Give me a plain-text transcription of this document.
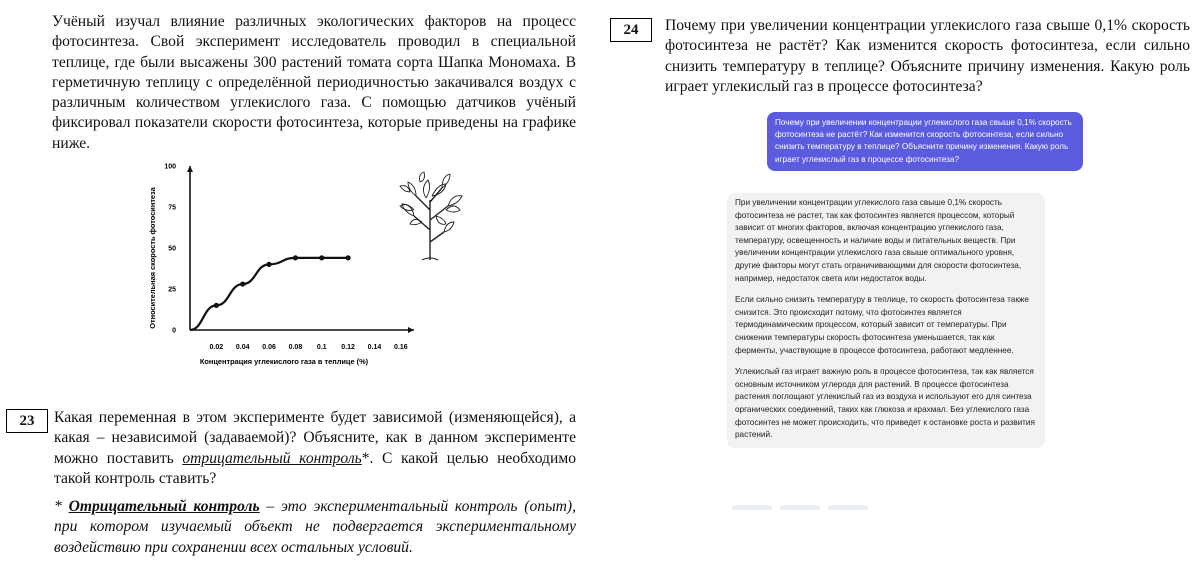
Учёный изучал влияние различных экологических факторов на процесс фотосинтеза. Свой эксперимент исследователь проводил в специальной теплице, где были высажены 300 растений томата сорта Шапка Мономаха. В герметичную теплицу с определённой периодичностью закачивался воздух с различным количеством углекислого газа. С помощью датчиков учёный фиксировал показатели скорости фотосинтеза, которые приведены на графике ниже.
0.02 0.04 0.06 0.08 0.1 0.12 0.14 0.16
0
25
50
75
100
Концентрация углекислого газа в теплице (%)
Относительная скорость фотосинтеза
23	Какая переменная в этом эксперименте будет зависимой (изменяющейся), а какая – независимой (задаваемой)? Объясните, как в данном эксперименте можно поставить отрицательный контроль*. С какой целью необходимо такой контроль ставить?
* Отрицательный контроль – это экспериментальный контроль (опыт), при котором изучаемый объект не подвергается экспериментальному воздействию при сохранении всех остальных условий.
24	Почему при увеличении концентрации углекислого газа свыше 0,1% скорость фотосинтеза не растёт? Как изменится скорость фотосинтеза, если сильно снизить температуру в теплице? Объясните причину изменения. Какую роль играет углекислый газ в процессе фотосинтеза?
Почему при увеличении концентрации углекислого газа свыше 0,1% скорость фотосинтеза не растёт? Как изменится скорость фотосинтеза, если сильно снизить температуру в теплице? Объясните причину изменения. Какую роль играет углекислый газ в процессе фотосинтеза?

При увеличении концентрации углекислого газа свыше 0,1% скорость фотосинтеза не растет, так как фотосинтез является процессом, который зависит от многих факторов, включая концентрацию углекислого газа, температуру, освещенность и наличие воды и питательных веществ. При увеличении концентрации углекислого газа свыше оптимального уровня, другие факторы могут стать ограничивающими для скорости фотосинтеза, например, недостаток света или недостаток воды.

Если сильно снизить температуру в теплице, то скорость фотосинтеза также снизится. Это происходит потому, что фотосинтез является термодинамическим процессом, который зависит от температуры. При снижении температуры скорость фотосинтеза уменьшается, так как ферменты, участвующие в процессе фотосинтеза, работают медленнее.

Углекислый газ играет важную роль в процессе фотосинтеза, так как является основным источником углерода для растений. В процессе фотосинтеза растения поглощают углекислый газ из воздуха и используют его для синтеза органических соединений, таких как глюкоза и крахмал. Без углекислого газа фотосинтез не может происходить, что приведет к остановке роста и развития растений.
